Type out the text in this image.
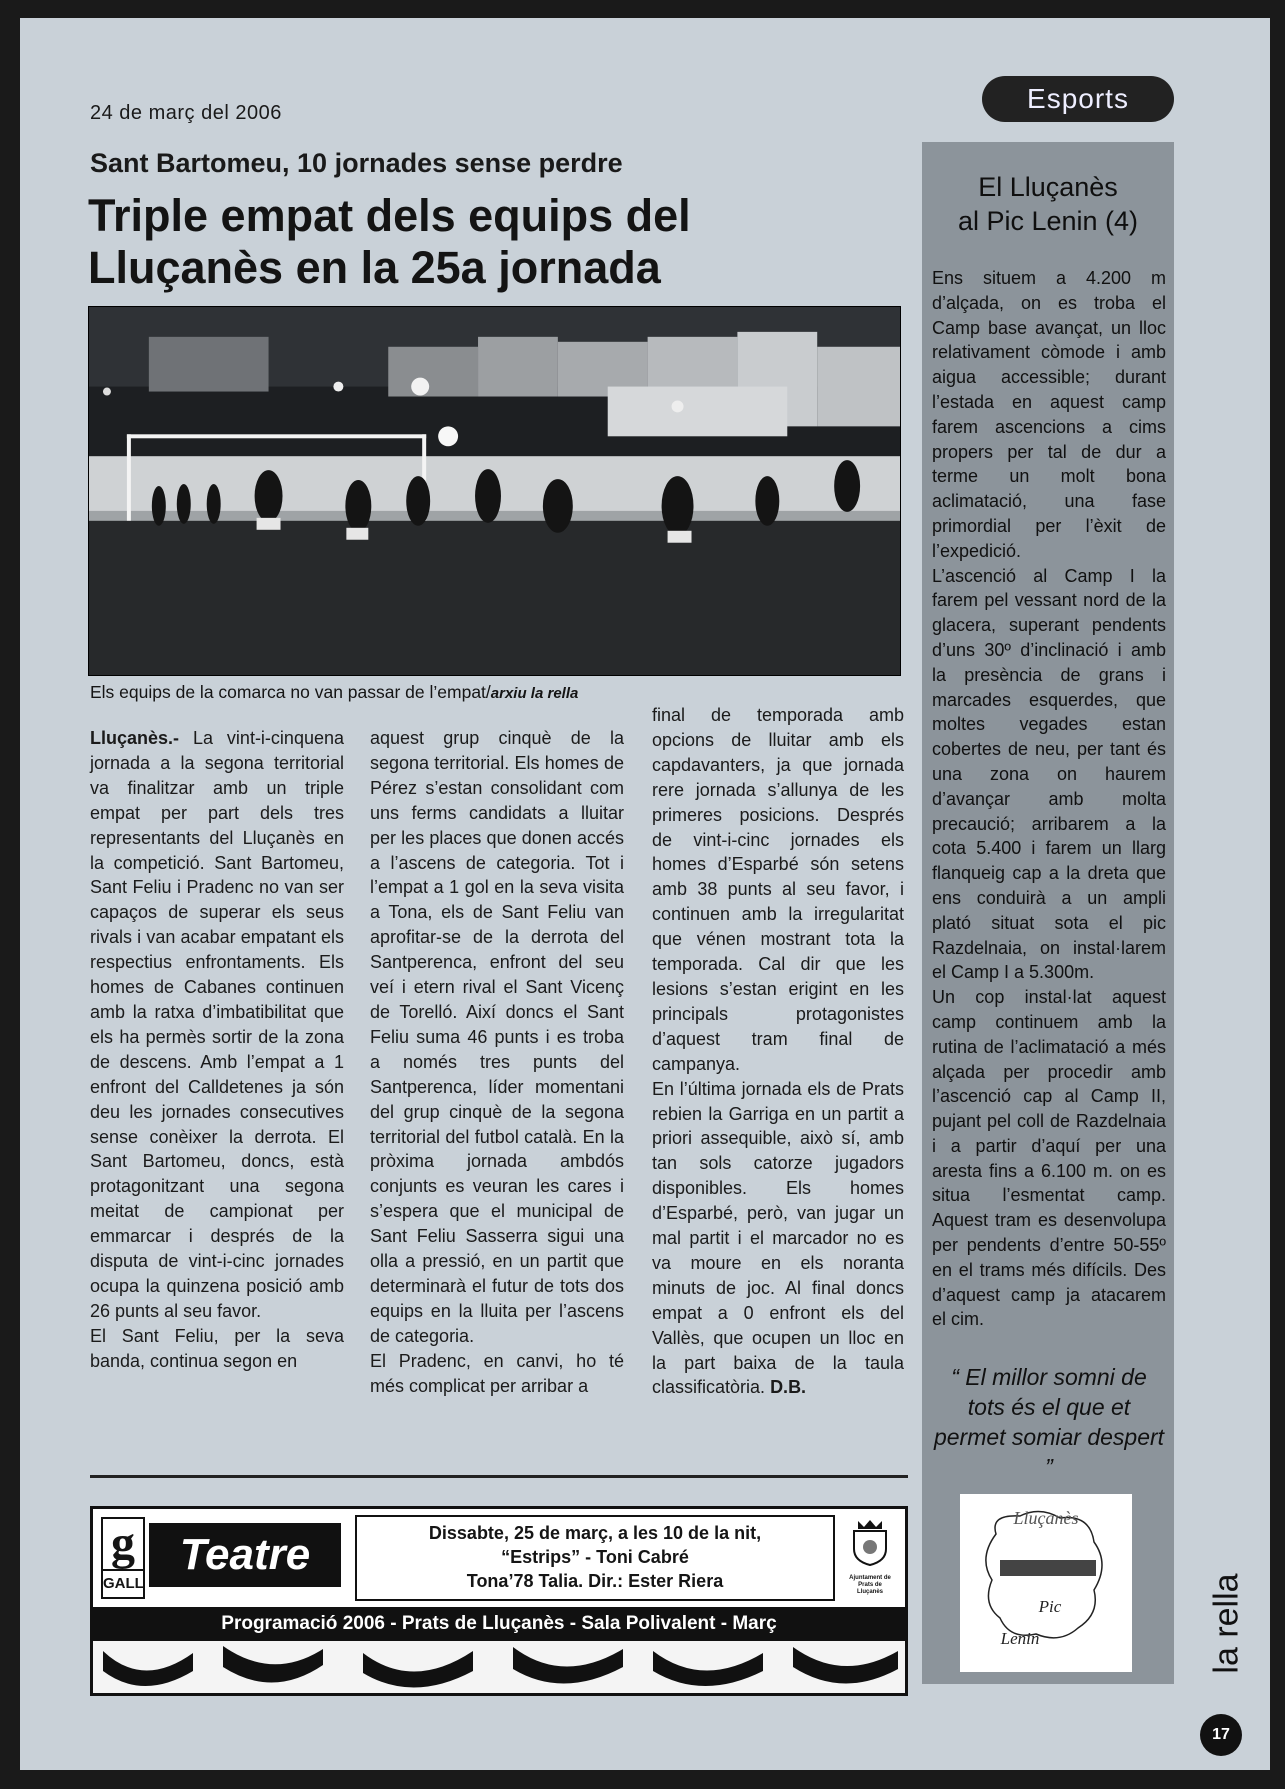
24 de març del 2006	Esports
Sant Bartomeu, 10 jornades sense perdre
Triple empat dels equips del Lluçanès en la 25a jornada
Els equips de la comarca no van passar de l’empat/arxiu la rella

Lluçanès.- La vint-i-cinquena jornada a la segona territorial va finalitzar amb un triple empat per part dels tres representants del Lluçanès en la competició. Sant Bartomeu, Sant Feliu i Pradenc no van ser capaços de superar els seus rivals i van acabar empatant els respectius enfrontaments. Els homes de Cabanes continuen amb la ratxa d’imbatibilitat que els ha permès sortir de la zona de descens. Amb l’empat a 1 enfront del Calldetenes ja són deu les jornades consecutives sense conèixer la derrota. El Sant Bartomeu, doncs, està protagonitzant una segona meitat de campionat per emmarcar i després de la disputa de vint-i-cinc jornades ocupa la quinzena posició amb 26 punts al seu favor.

El Sant Feliu, per la seva banda, continua segon en

aquest grup cinquè de la segona territorial. Els homes de Pérez s’estan consolidant com uns ferms candidats a lluitar per les places que donen accés a l’ascens de categoria. Tot i l’empat a 1 gol en la seva visita a Tona, els de Sant Feliu van aprofitar-se de la derrota del Santperenca, enfront del seu veí i etern rival el Sant Vicenç de Torelló. Així doncs el Sant Feliu suma 46 punts i es troba a només tres punts del Santperenca, líder momentani del grup cinquè de la segona territorial del futbol català. En la pròxima jornada ambdós conjunts es veuran les cares i s’espera que el municipal de Sant Feliu Sasserra sigui una olla a pressió, en un partit que determinarà el futur de tots dos equips en la lluita per l’ascens de categoria.

El Pradenc, en canvi, ho té més complicat per arribar a

final de temporada amb opcions de lluitar amb els capdavanters, ja que jornada rere jornada s’allunya de les primeres posicions. Després de vint-i-cinc jornades els homes d’Esparbé són setens amb 38 punts al seu favor, i continuen amb la irregularitat que vénen mostrant tota la temporada. Cal dir que les lesions s’estan erigint en les principals protagonistes d’aquest tram final de campanya.

En l’última jornada els de Prats rebien la Garriga en un partit a priori assequible, això sí, amb tan sols catorze jugadors disponibles. Els homes d’Esparbé, però, van jugar un mal partit i el marcador no es va moure en els noranta minuts de joc. Al final doncs empat a 0 enfront els del Vallès, que ocupen un lloc en la part baixa de la taula classificatòria. D.B.

g
GALL
Teatre	Dissabte, 25 de març, a les 10 de la nit,
“Estrips” - Toni Cabré
Tona’78 Talia. Dir.: Ester Riera	Ajuntament de Prats de Lluçanès
Programació 2006 - Prats de Lluçanès - Sala Polivalent - Març
El Lluçanès
al Pic Lenin (4)

Ens situem a 4.200 m d’alçada, on es troba el Camp base avançat, un lloc relativament còmode i amb aigua accessible; durant l’estada en aquest camp farem ascencions a cims propers per tal de dur a terme un molt bona aclimatació, una fase primordial per l’èxit de l’expedició.

L’ascenció al Camp I la farem pel vessant nord de la glacera, superant pendents d’uns 30º d’inclinació i amb la presència de grans i marcades esquerdes, que moltes vegades estan cobertes de neu, per tant és una zona on haurem d’avançar amb molta precaució; arribarem a la cota 5.400 i farem un llarg flanqueig cap a la dreta que ens conduirà a un ampli plató situat sota el pic Razdelnaia, on instal·larem el Camp I a 5.300m.

Un cop instal·lat aquest camp continuem amb la rutina de l’aclimatació a més alçada per procedir amb l’ascenció cap al Camp II, pujant pel coll de Razdelnaia i a partir d’aquí per una aresta fins a 6.100 m. on es situa l’esmentat camp. Aquest tram es desenvolupa per pendents d’entre 50-55º en el trams més difícils. Des d’aquest camp ja atacarem el cim.

“ El millor somni de tots és el que et permet somiar despert ”
Lluçanès
Pic
Lenin	la rella
17
